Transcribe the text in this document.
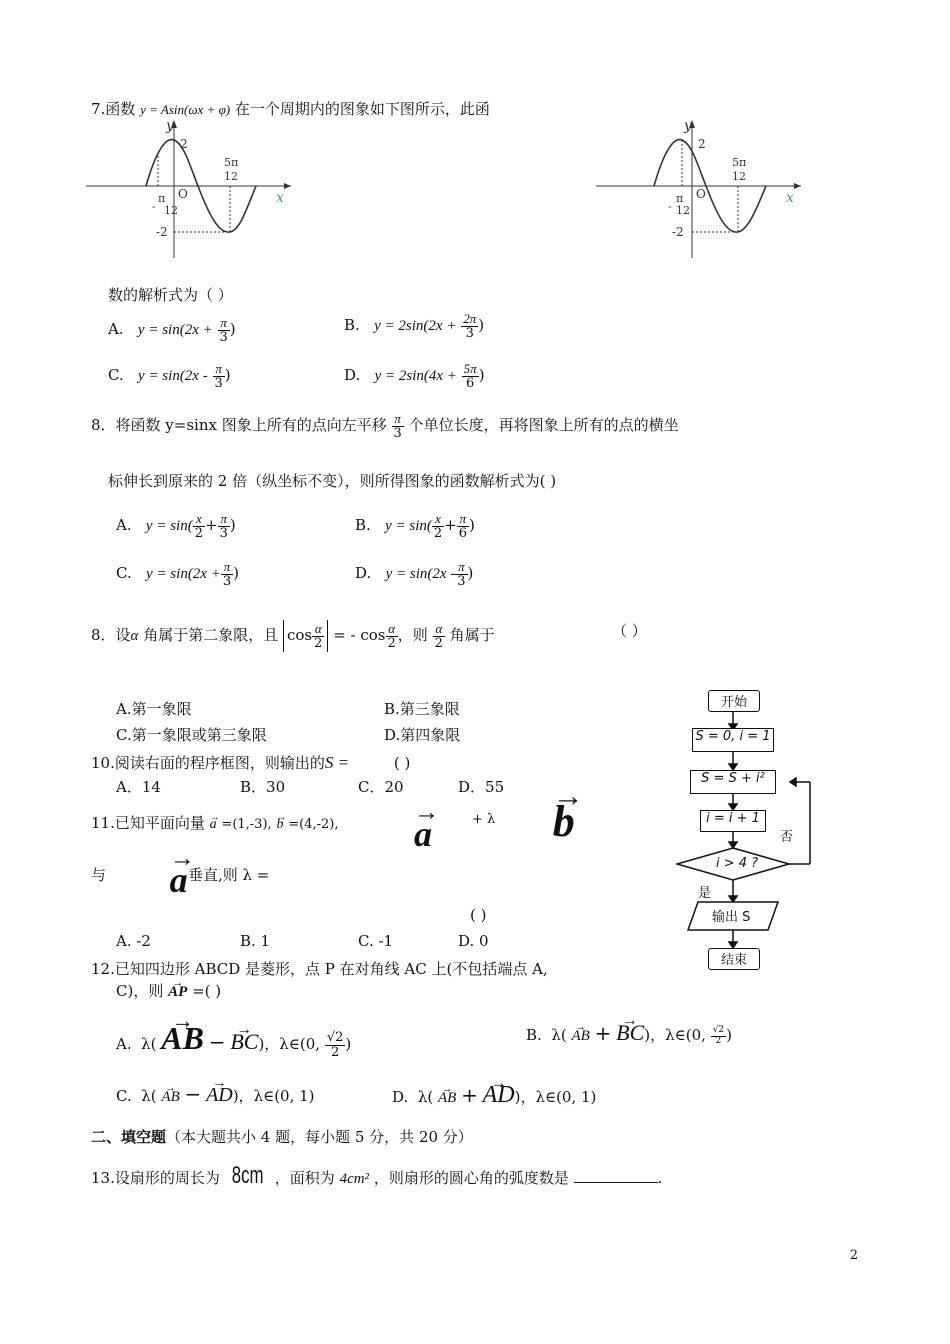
7.函数 y = Asin(ωx + φ) 在一个周期内的图象如下图所示，此函
y
x
2
O
-2
π
12
-
5π
12
y
x
2
O
-2
π
12
-
5π
12
数的解析式为（ ）
A. $y = \sin(2x + \frac{\pi}{3}$ )	B. $y = 2\sin(2x + \frac{2\pi}{3}$ )
C. $y = \sin(2x - \frac{\pi}{3}$ )	D. $y = 2\sin(4x + \frac{5\pi}{6}$ )
8．将函数 y=sinx 图象上所有的点向左平移 $\frac{\pi}{3}$ 个单位长度，再将图象上所有的点的横坐
标伸长到原来的 2 倍（纵坐标不变），则所得图象的函数解析式为( )
A. $y = \sin( \frac{x}{2} + \frac{\pi}{3}$ )	B. $y = \sin( \frac{x}{2} + \frac{\pi}{6}$ )
C. $y = \sin(2x + \frac{\pi}{3}$ )	D. $y = \sin(2x - \frac{\pi}{3}$ )
8．设α 角属于第二象限，且 $\cos \frac{\alpha}{2}$ = - $\cos \frac{\alpha}{2}$ ，则 $\frac{\alpha}{2}$ 角属于	（ ）
A.第一象限	B.第三象限
C.第一象限或第三象限	D.第四象限
10.阅读右面的程序框图，则输出的S =	( )
A．14	B．30	C．20	D．55
开始
S = 0, i = 1
S = S + i²
i = i + 1
i > 4 ?
否
是
输出 S
结束
11.已知平面向量 → a =(1,-3), → b =(4,-2), → a	+ λ → b
与 → a 垂直,则 λ =
( )
A. -2	B. 1	C. -1	D. 0
12.已知四边形 ABCD 是菱形，点 P 在对角线 AC 上(不包括端点 A,
C)，则 → AP =( )
A. λ( → AB − → BC)，λ∈(0, $\frac{√2}{2}$ )	B. λ( → AB + → BC)，λ∈(0, $\frac{√2}{2}$ )
C. λ( → AB − → AD)，λ∈(0, 1)	D. λ( → AB + → AD)，λ∈(0, 1)
二、填空题（本大题共小 4 题，每小题 5 分，共 20 分）
13.设扇形的周长为 8cm ，面积为 4cm² ，则扇形的圆心角的弧度数是	.
2
